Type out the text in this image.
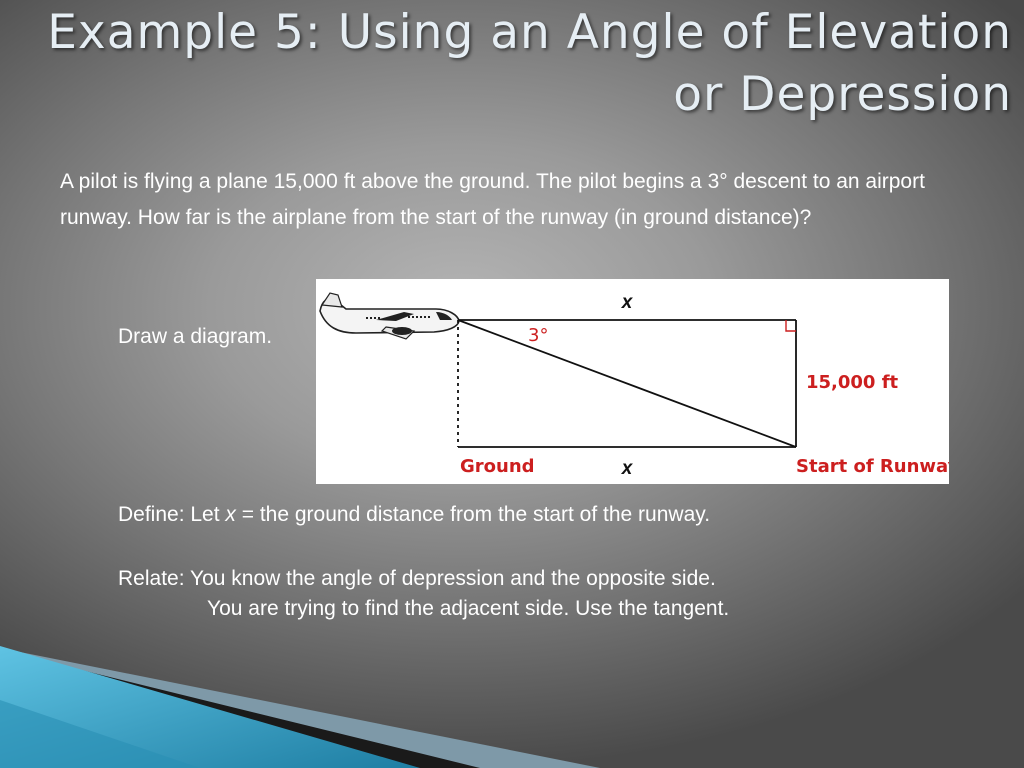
Example 5: Using an Angle of Elevation or Depression
A pilot is flying a plane 15,000 ft above the ground. The pilot begins a 3° descent to an airport runway. How far is the airplane from the start of the runway (in ground distance)?
Draw a diagram.
x
3°
15,000 ft
Ground	x	Start of Runway
Define: Let x = the ground distance from the start of the runway.
Relate: You know the angle of depression and the opposite side.
You are trying to find the adjacent side. Use the tangent.
